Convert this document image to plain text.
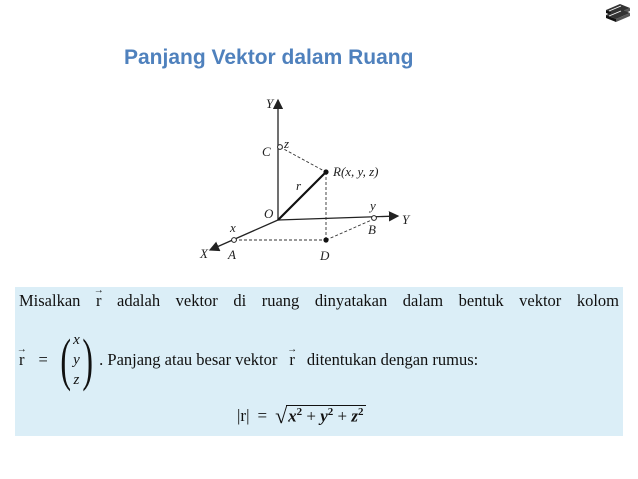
Panjang Vektor dalam Ruang
Y
Y
X
O
C
z
R(x, y, z)
r
y
B
x
A	D
Misalkan
→
r adalah vektor di ruang dinyatakan dalam bentuk vektor kolom
→
r = ( x
y
z ) . Panjang atau besar vektor
→
r ditentukan dengan rumus:
|r| = √ $x^2 + y^2 + z^2$
